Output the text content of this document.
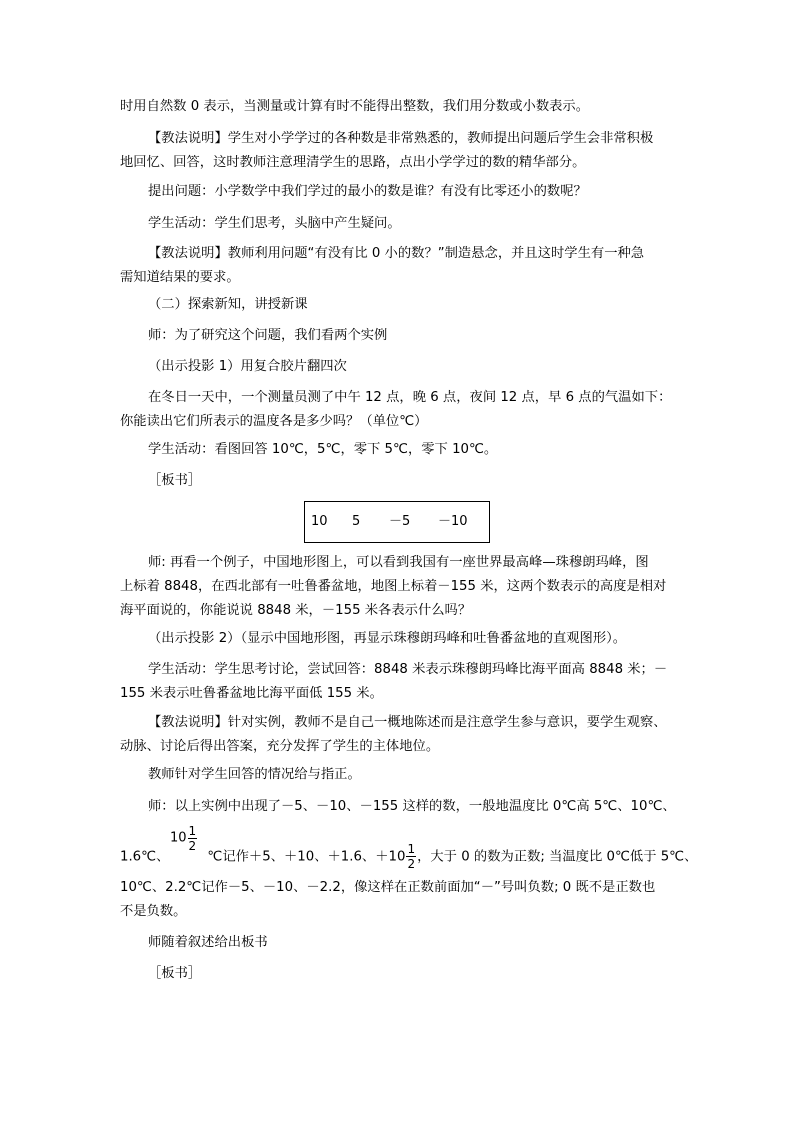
时用自然数 0 表示，当测量或计算有时不能得出整数，我们用分数或小数表示。
【教法说明】学生对小学学过的各种数是非常熟悉的，教师提出问题后学生会非常积极
地回忆、回答，这时教师注意理清学生的思路，点出小学学过的数的精华部分。
提出问题：小学数学中我们学过的最小的数是谁？有没有比零还小的数呢？
学生活动：学生们思考，头脑中产生疑问。
【教法说明】教师利用问题“有没有比 0 小的数？”制造悬念，并且这时学生有一种急
需知道结果的要求。
（二）探索新知，讲授新课
师：为了研究这个问题，我们看两个实例
（出示投影 1）用复合胶片翻四次
在冬日一天中，一个测量员测了中午 12 点，晚 6 点，夜间 12 点，早 6 点的气温如下：
你能读出它们所表示的温度各是多少吗？（单位℃）
学生活动：看图回答 10℃，5℃，零下 5℃，零下 10℃。
［板书］
10 5 －5 －10
师: 再看一个例子，中国地形图上，可以看到我国有一座世界最高峰—珠穆朗玛峰，图
上标着 8848，在西北部有一吐鲁番盆地，地图上标着－155 米，这两个数表示的高度是相对
海平面说的，你能说说 8848 米，－155 米各表示什么吗？
（出示投影 2）（显示中国地形图，再显示珠穆朗玛峰和吐鲁番盆地的直观图形）。
学生活动：学生思考讨论，尝试回答：8848 米表示珠穆朗玛峰比海平面高 8848 米；－
155 米表示吐鲁番盆地比海平面低 155 米。
【教法说明】针对实例，教师不是自己一概地陈述而是注意学生参与意识，要学生观察、
动脉、讨论后得出答案，充分发挥了学生的主体地位。
教师针对学生回答的情况给与指正。
师：以上实例中出现了－5、－10、－155 这样的数，一般地温度比 0℃高 5℃、10℃、
$10 \frac{1}{2}$
1.6℃、	℃记作＋5、＋10、＋1.6、$+10 \frac{1}{2}$ ，大于 0 的数为正数; 当温度比 0℃低于 5℃、
10℃、2.2℃记作－5、－10、－2.2，像这样在正数前面加“－”号叫负数; 0 既不是正数也
不是负数。
师随着叙述给出板书
［板书］
